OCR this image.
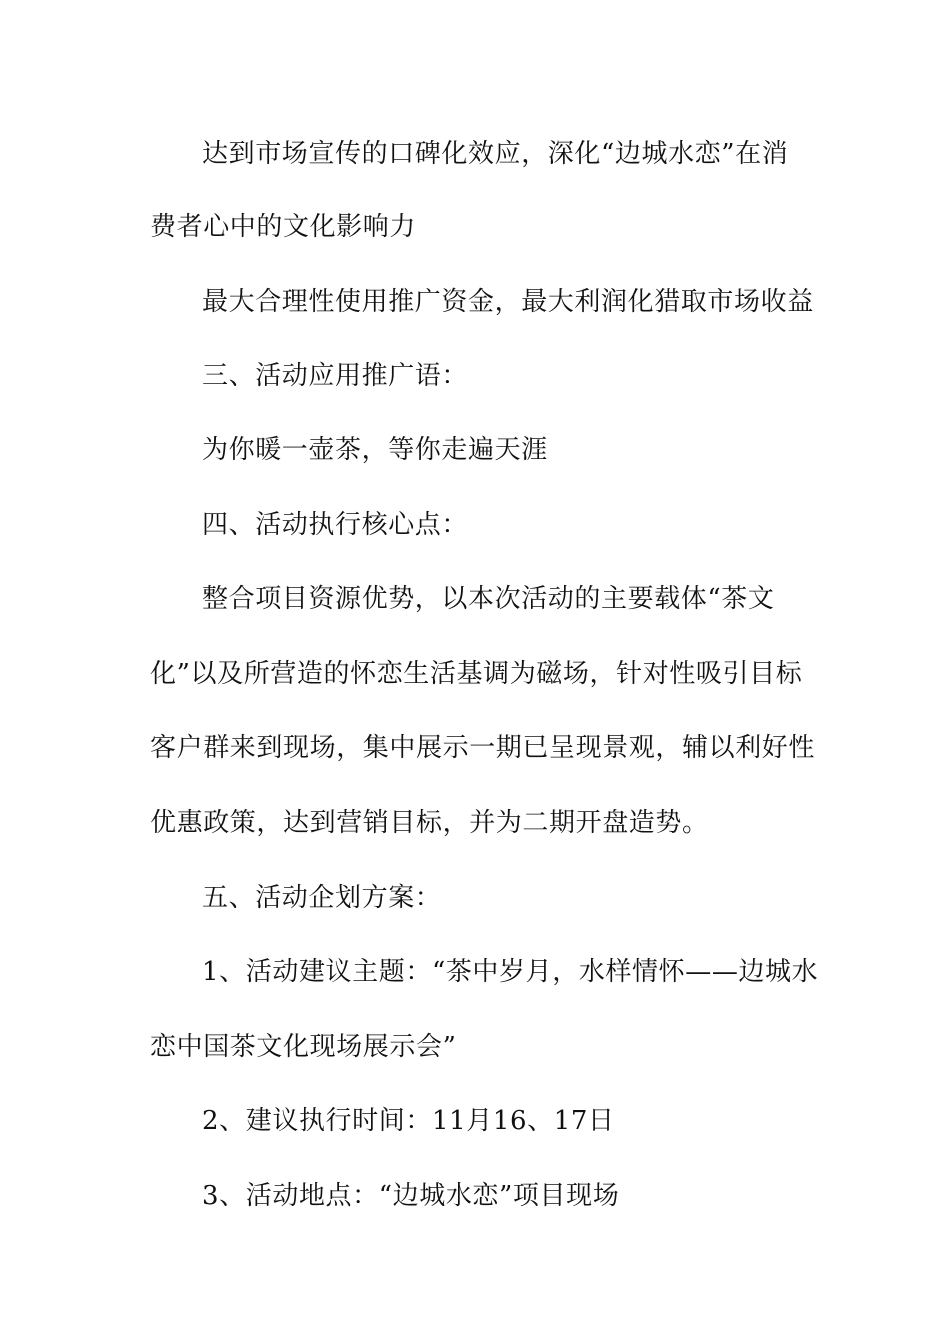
达到市场宣传的口碑化效应，深化“边城水恋”在消

费者心中的文化影响力

最大合理性使用推广资金，最大利润化猎取市场收益

三、活动应用推广语：

为你暖一壶茶，等你走遍天涯

四、活动执行核心点：

整合项目资源优势，以本次活动的主要载体“茶文

化”以及所营造的怀恋生活基调为磁场，针对性吸引目标

客户群来到现场，集中展示一期已呈现景观，辅以利好性

优惠政策，达到营销目标，并为二期开盘造势。

五、活动企划方案：

1、活动建议主题：“茶中岁月，水样情怀——边城水

恋中国茶文化现场展示会”

2、建议执行时间：11月16、17日

3、活动地点：“边城水恋”项目现场
